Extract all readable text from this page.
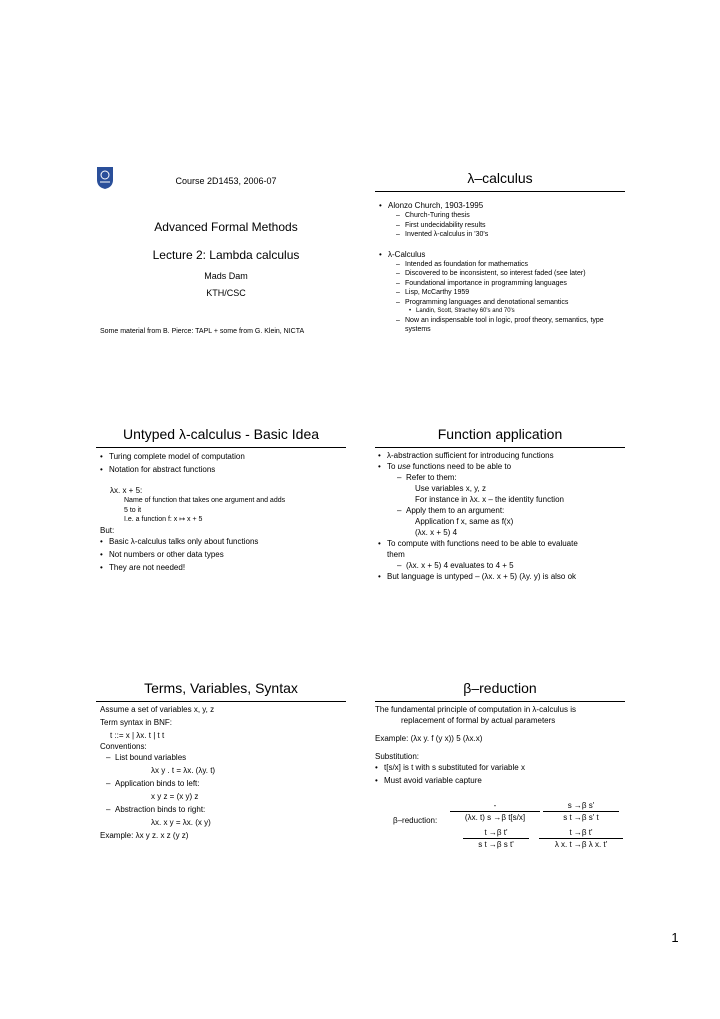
Course 2D1453, 2006-07
Advanced Formal Methods
Lecture 2: Lambda calculus
Mads Dam
KTH/CSC
Some material from B. Pierce: TAPL + some from G. Klein, NICTA
λ–calculus
• Alonzo Church, 1903-1995
– Church-Turing thesis
– First undecidability results
– Invented λ-calculus in '30's
• λ-Calculus
– Intended as foundation for mathematics
– Discovered to be inconsistent, so interest faded (see later)
– Foundational importance in programming languages
– Lisp, McCarthy 1959
– Programming languages and denotational semantics
• Landin, Scott, Strachey 60's and 70's
– Now an indispensable tool in logic, proof theory, semantics, type
systems
Untyped λ-calculus - Basic Idea
• Turing complete model of computation
• Notation for abstract functions
λx. x + 5:
Name of function that takes one argument and adds
5 to it
I.e. a function f: x ↦ x + 5
But:
• Basic λ-calculus talks only about functions
• Not numbers or other data types
• They are not needed!
Function application
• λ-abstraction sufficient for introducing functions
• To use functions need to be able to
– Refer to them:
Use variables x, y, z
For instance in λx. x – the identity function
– Apply them to an argument:
Application f x, same as f(x)
(λx. x + 5) 4
• To compute with functions need to be able to evaluate
them
– (λx. x + 5) 4 evaluates to 4 + 5
• But language is untyped – (λx. x + 5) (λy. y) is also ok
Terms, Variables, Syntax
Assume a set of variables x, y, z
Term syntax in BNF:
t ::= x | λx. t | t t
Conventions:
– List bound variables
λx y . t = λx. (λy. t)
– Application binds to left:
x y z = (x y) z
– Abstraction binds to right:
λx. x y = λx. (x y)
Example: λx y z. x z (y z)
β–reduction
The fundamental principle of computation in λ-calculus is
replacement of formal by actual parameters
Example: (λx y. f (y x)) 5 (λx.x)
Substitution:
• t[s/x] is t with s substituted for variable x
• Must avoid variable capture
β–reduction:
-
(λx. t) s →β t[s/x]	$\frac{\text{s →β s'}}{\text{s t →β s' t}}$
$\frac{\text{t →β t'}}{\text{s t →β s t'}} \frac{\text{t →β t'}}{\text{λ x. t →β λ x. t'}}$
1
